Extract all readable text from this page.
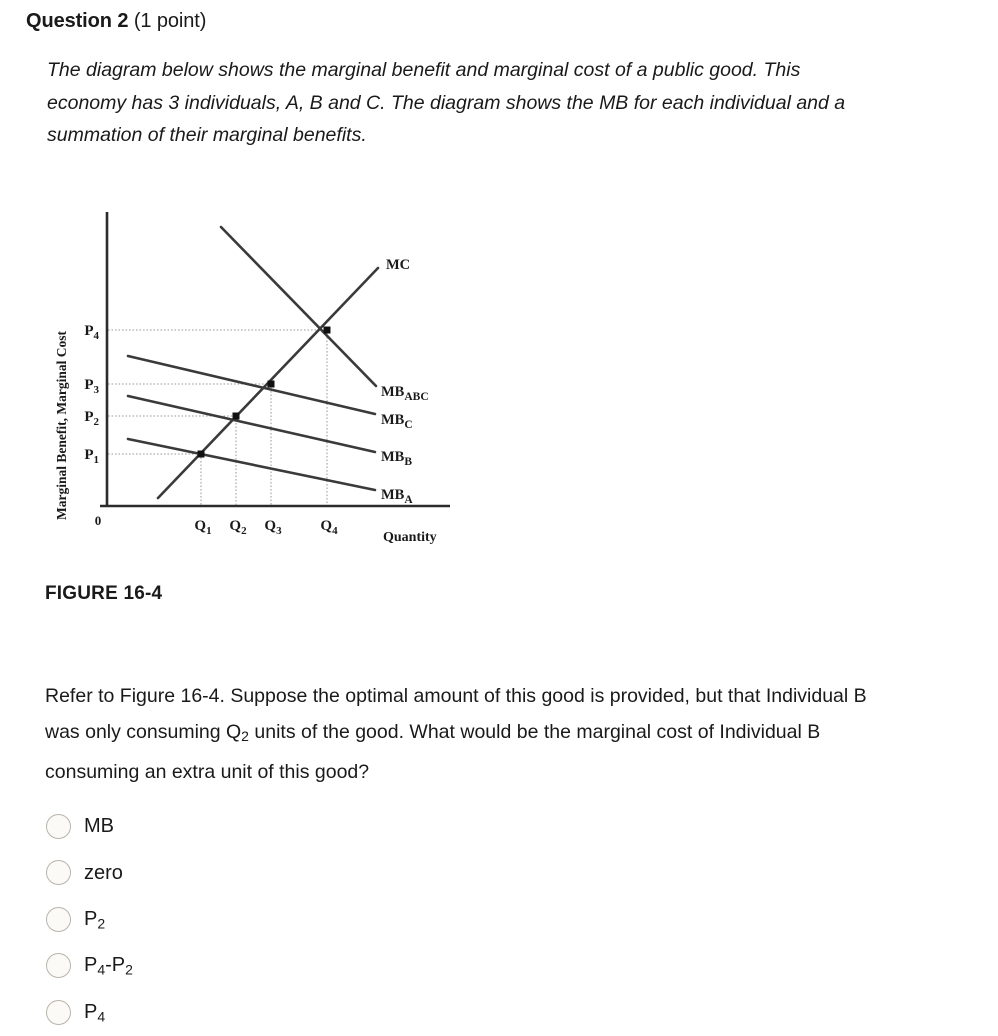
Question 2 (1 point)
The diagram below shows the marginal benefit and marginal cost of a public good. This economy has 3 individuals, A, B and C. The diagram shows the MB for each individual and a summation of their marginal benefits.
Marginal Benefit, Marginal Cost
$P_4$
$P_3$
$P_2$
$P_1$
0	$Q_1$ $Q_2$ $Q_3$	$Q_4$	Quantity
MC
$MB_{ABC}$
$MB_C$
$MB_B$
$MB_A$
FIGURE 16-4
Refer to Figure 16-4. Suppose the optimal amount of this good is provided, but that Individual B was only consuming $Q_2$ units of the good. What would be the marginal cost of Individual B consuming an extra unit of this good?
MB
zero
$P_2$
$P_4-P_2$
$P_4$
